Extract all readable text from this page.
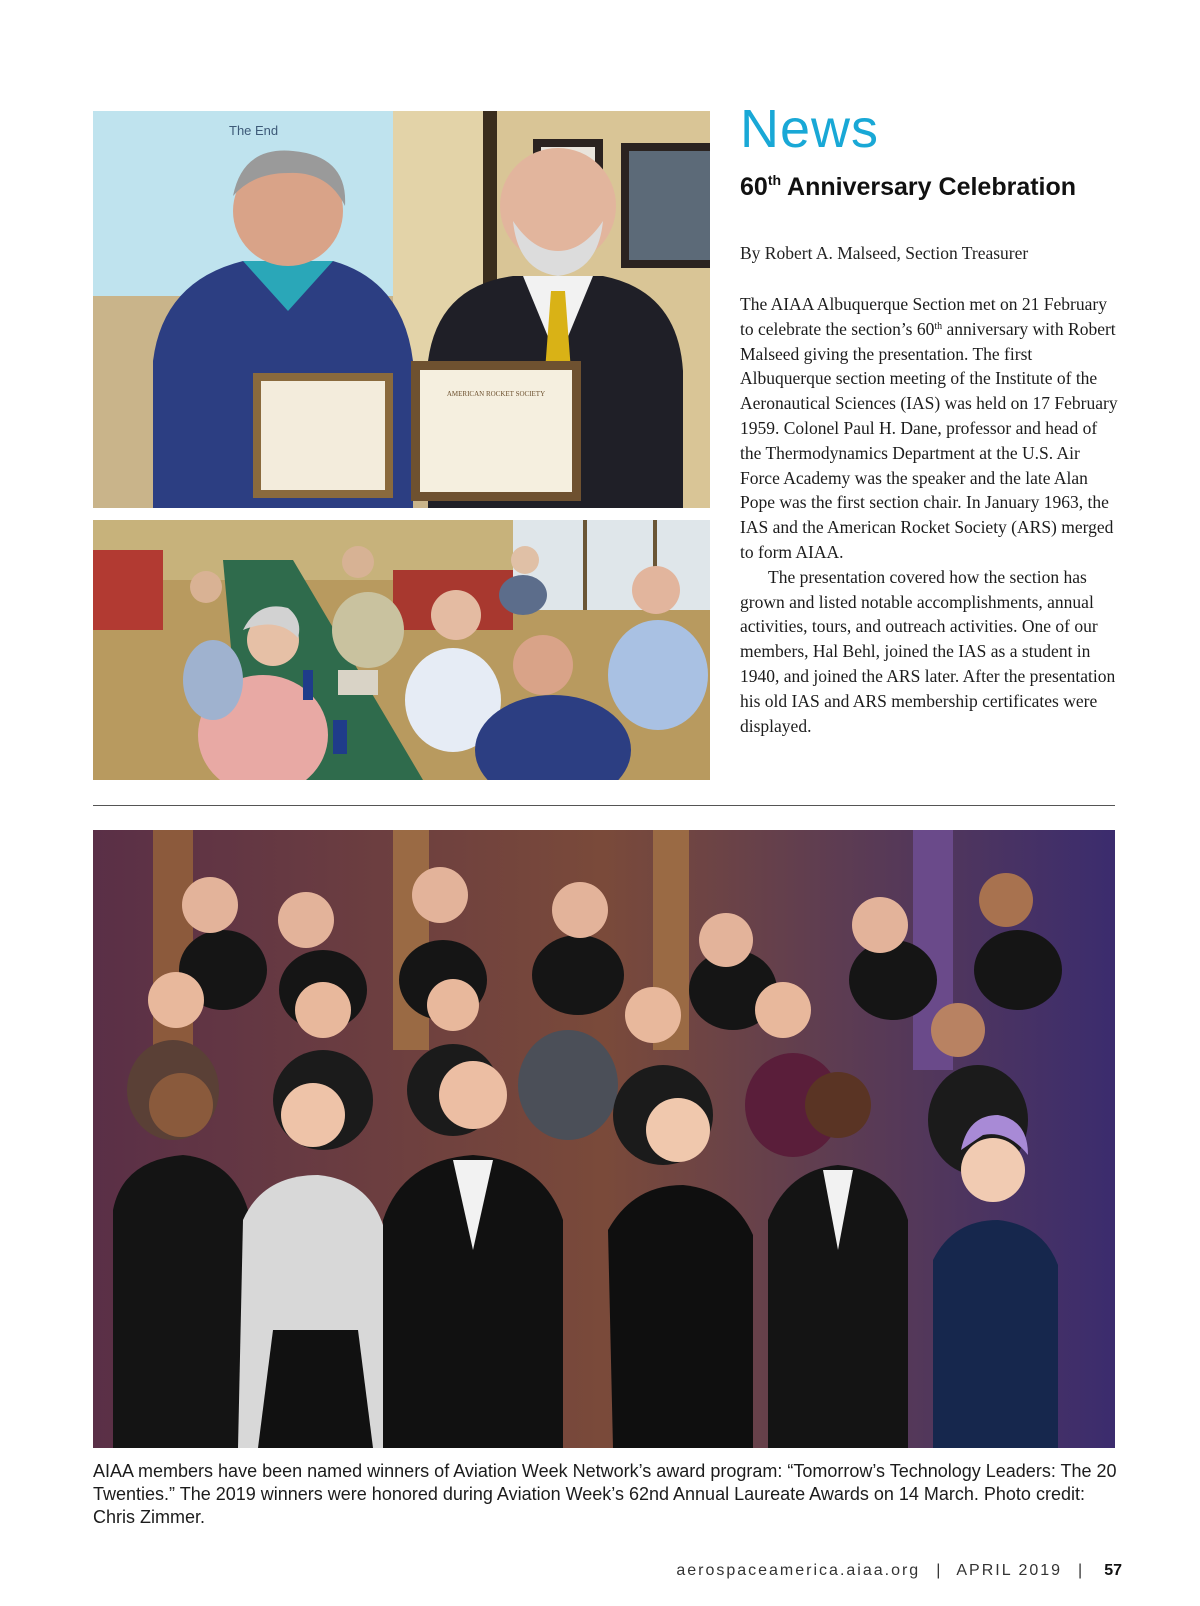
AMERICAN ROCKET SOCIETY
The End	News
60th Anniversary Celebration
By Robert A. Malseed, Section Treasurer

The AIAA Albuquerque Section met on 21 February to celebrate the section’s 60th anniversary with Robert Malseed giving the presentation. The first Albuquerque section meeting of the Institute of the Aeronautical Sciences (IAS) was held on 17 February 1959. Colonel Paul H. Dane, professor and head of the Thermodynamics Department at the U.S. Air Force Academy was the speaker and the late Alan Pope was the first section chair. In January 1963, the IAS and the American Rocket Society (ARS) merged to form AIAA.

The presentation covered how the section has grown and listed notable accomplishments, annual activities, tours, and outreach activities. One of our members, Hal Behl, joined the IAS as a student in 1940, and joined the ARS later. After the presentation his old IAS and ARS membership certificates were displayed.

AIAA members have been named winners of Aviation Week Network’s award program: “Tomorrow’s Technology Leaders: The 20 Twenties.” The 2019 winners were honored during Aviation Week’s 62nd Annual Laureate Awards on 14 March. Photo credit: Chris Zimmer.
aerospaceamerica.aiaa.org | APRIL 2019 | 57
